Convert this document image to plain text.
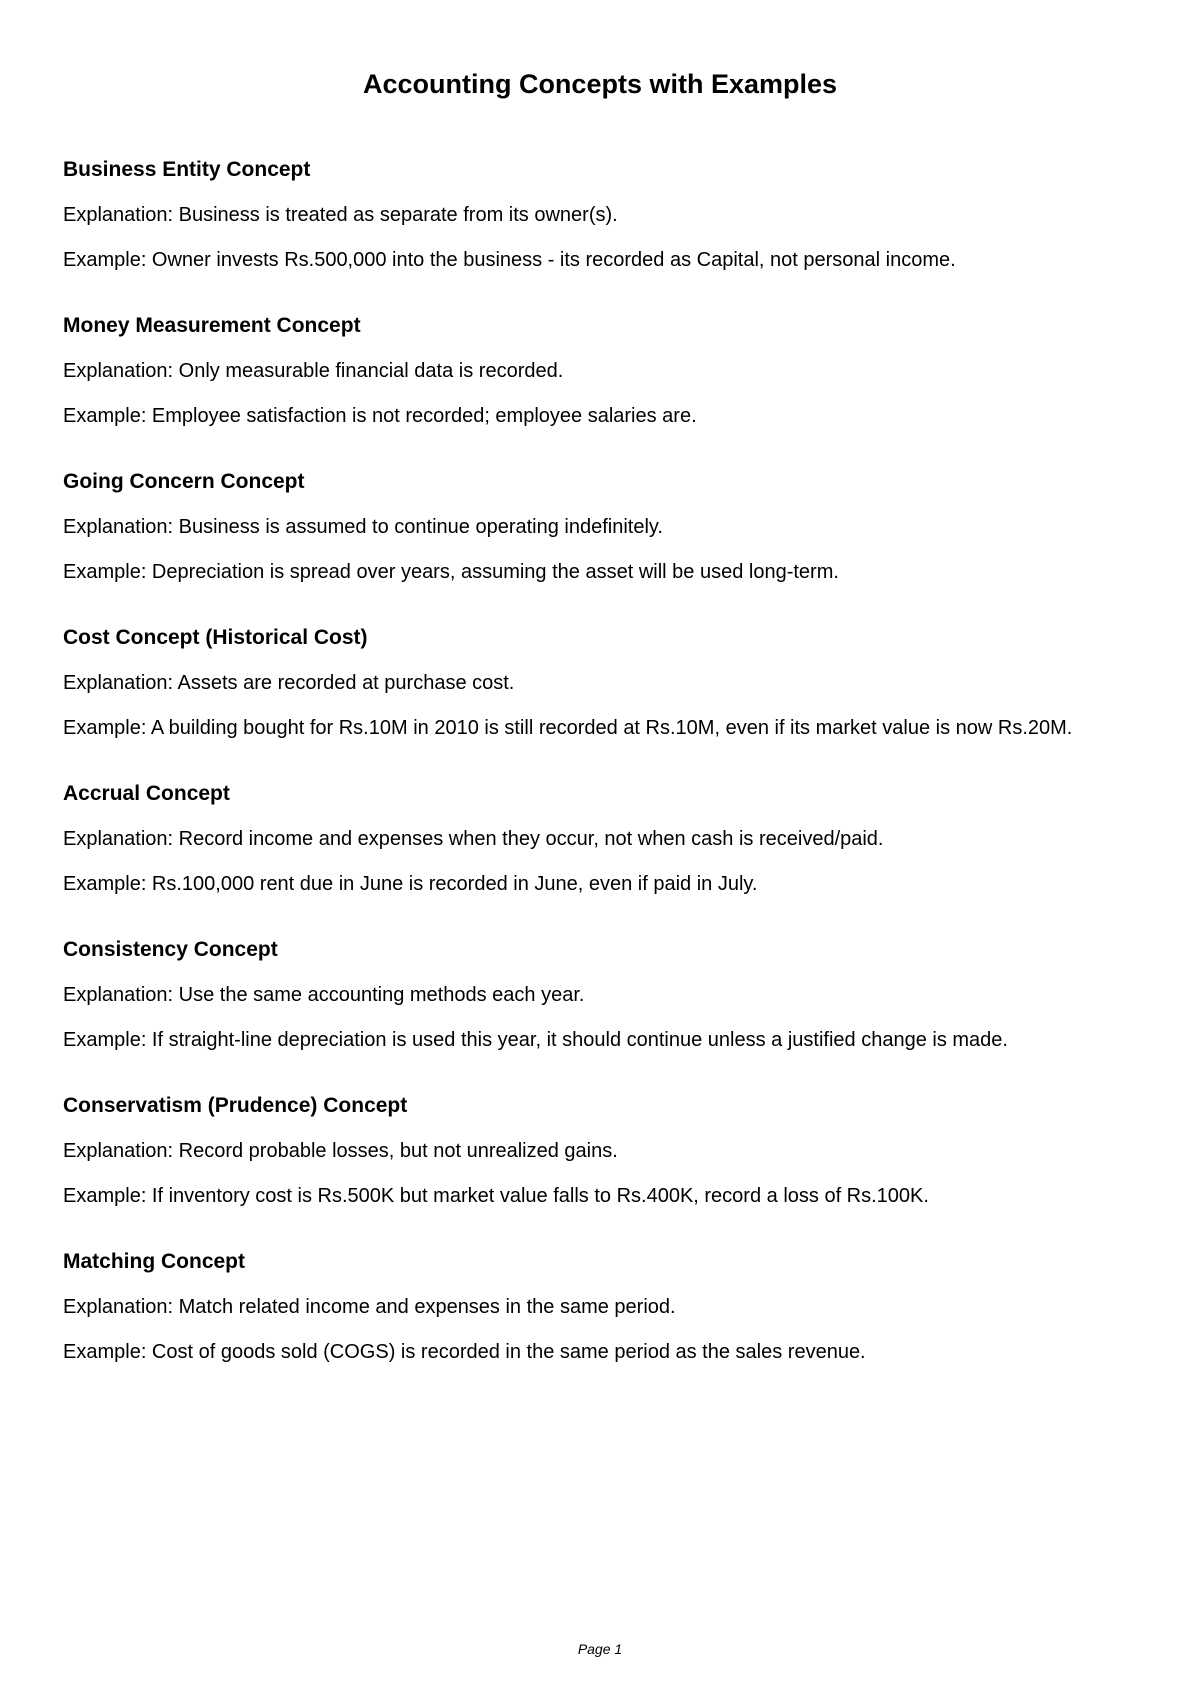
Accounting Concepts with Examples
Business Entity Concept

Explanation: Business is treated as separate from its owner(s).

Example: Owner invests Rs.500,000 into the business - its recorded as Capital, not personal income.

Money Measurement Concept

Explanation: Only measurable financial data is recorded.

Example: Employee satisfaction is not recorded; employee salaries are.

Going Concern Concept

Explanation: Business is assumed to continue operating indefinitely.

Example: Depreciation is spread over years, assuming the asset will be used long-term.

Cost Concept (Historical Cost)

Explanation: Assets are recorded at purchase cost.

Example: A building bought for Rs.10M in 2010 is still recorded at Rs.10M, even if its market value is now Rs.20M.

Accrual Concept

Explanation: Record income and expenses when they occur, not when cash is received/paid.

Example: Rs.100,000 rent due in June is recorded in June, even if paid in July.

Consistency Concept

Explanation: Use the same accounting methods each year.

Example: If straight-line depreciation is used this year, it should continue unless a justified change is made.

Conservatism (Prudence) Concept

Explanation: Record probable losses, but not unrealized gains.

Example: If inventory cost is Rs.500K but market value falls to Rs.400K, record a loss of Rs.100K.

Matching Concept

Explanation: Match related income and expenses in the same period.

Example: Cost of goods sold (COGS) is recorded in the same period as the sales revenue.

Page 1
